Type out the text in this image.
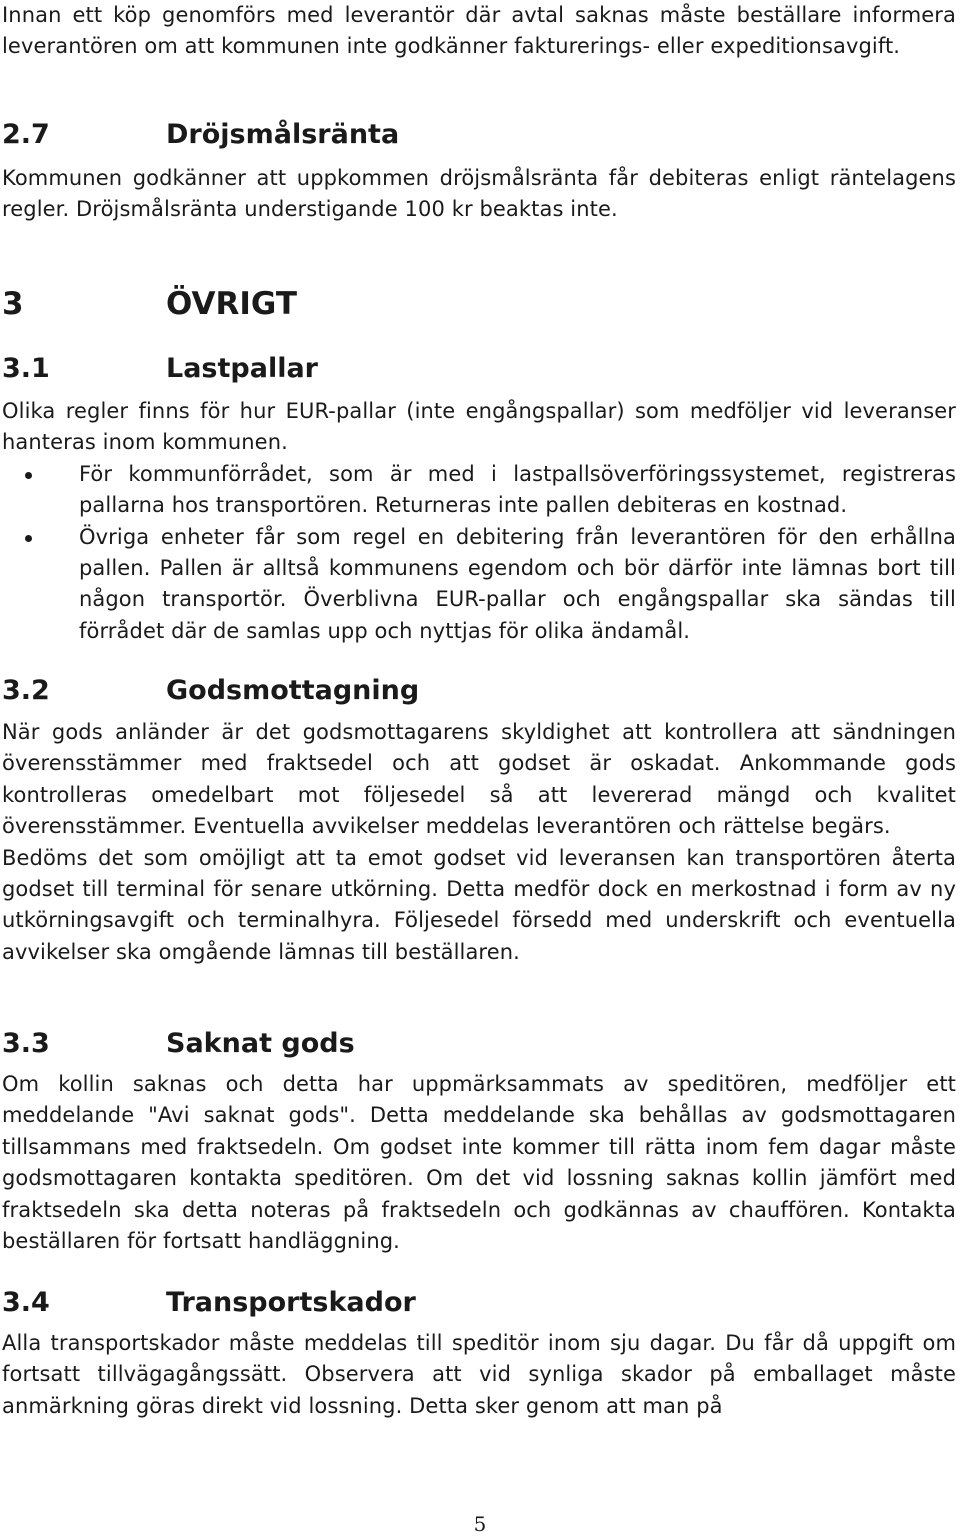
Innan ett köp genomförs med leverantör där avtal saknas måste beställare informera leverantören om att kommunen inte godkänner fakturerings- eller expeditionsavgift.

2.7	Dröjsmålsränta

Kommunen godkänner att uppkommen dröjsmålsränta får debiteras enligt räntelagens regler. Dröjsmålsränta understigande 100 kr beaktas inte.

3	ÖVRIGT
3.1	Lastpallar

Olika regler finns för hur EUR-pallar (inte engångspallar) som medföljer vid leveranser hanteras inom kommunen.

För kommunförrådet, som är med i lastpallsöverföringssystemet, registreras pallarna hos transportören. Returneras inte pallen debiteras en kostnad.
Övriga enheter får som regel en debitering från leverantören för den erhållna pallen. Pallen är alltså kommunens egendom och bör därför inte lämnas bort till någon transportör. Överblivna EUR-pallar och engångspallar ska sändas till förrådet där de samlas upp och nyttjas för olika ändamål.
3.2	Godsmottagning

När gods anländer är det godsmottagarens skyldighet att kontrollera att sändningen överensstämmer med fraktsedel och att godset är oskadat. Ankommande gods kontrolleras omedelbart mot följesedel så att levererad mängd och kvalitet överensstämmer. Eventuella avvikelser meddelas leverantören och rättelse begärs.

Bedöms det som omöjligt att ta emot godset vid leveransen kan transportören återta godset till terminal för senare utkörning. Detta medför dock en merkostnad i form av ny utkörningsavgift och terminalhyra. Följesedel försedd med underskrift och eventuella avvikelser ska omgående lämnas till beställaren.

3.3	Saknat gods

Om kollin saknas och detta har uppmärksammats av speditören, medföljer ett meddelande "Avi saknat gods". Detta meddelande ska behållas av godsmottagaren tillsammans med fraktsedeln. Om godset inte kommer till rätta inom fem dagar måste godsmottagaren kontakta speditören. Om det vid lossning saknas kollin jämfört med fraktsedeln ska detta noteras på fraktsedeln och godkännas av chauffören. Kontakta beställaren för fortsatt handläggning.

3.4	Transportskador

Alla transportskador måste meddelas till speditör inom sju dagar. Du får då uppgift om fortsatt tillvägagångssätt. Observera att vid synliga skador på emballaget måste anmärkning göras direkt vid lossning. Detta sker genom att man på

5
